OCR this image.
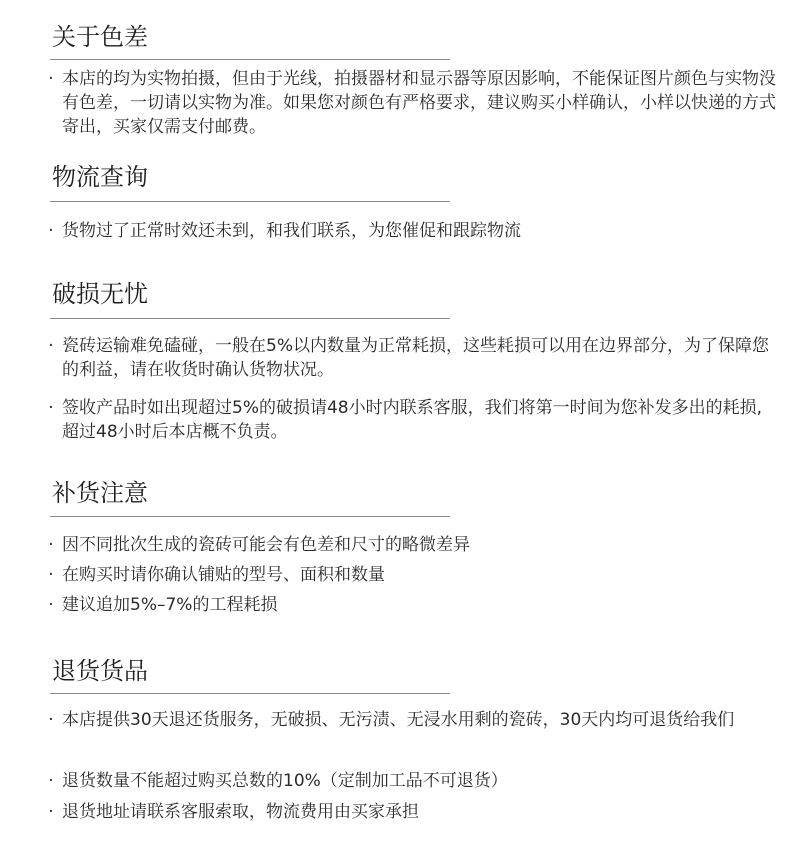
关于色差
· 本店的均为实物拍摄，但由于光线，拍摄器材和显示器等原因影响，不能保证图片颜色与实物没有色差，一切请以实物为准。如果您对颜色有严格要求，建议购买小样确认，小样以快递的方式寄出，买家仅需支付邮费。
物流查询
· 货物过了正常时效还未到，和我们联系，为您催促和跟踪物流
破损无忧
· 瓷砖运输难免磕碰，一般在5%以内数量为正常耗损，这些耗损可以用在边界部分，为了保障您的利益，请在收货时确认货物状况。
· 签收产品时如出现超过5%的破损请48小时内联系客服，我们将第一时间为您补发多出的耗损,超过48小时后本店概不负责。
补货注意
· 因不同批次生成的瓷砖可能会有色差和尺寸的略微差异
· 在购买时请你确认铺贴的型号、面积和数量
· 建议追加5%–7%的工程耗损
退货货品
· 本店提供30天退还货服务，无破损、无污渍、无浸水用剩的瓷砖，30天内均可退货给我们
· 退货数量不能超过购买总数的10%（定制加工品不可退货）
· 退货地址请联系客服索取，物流费用由买家承担
